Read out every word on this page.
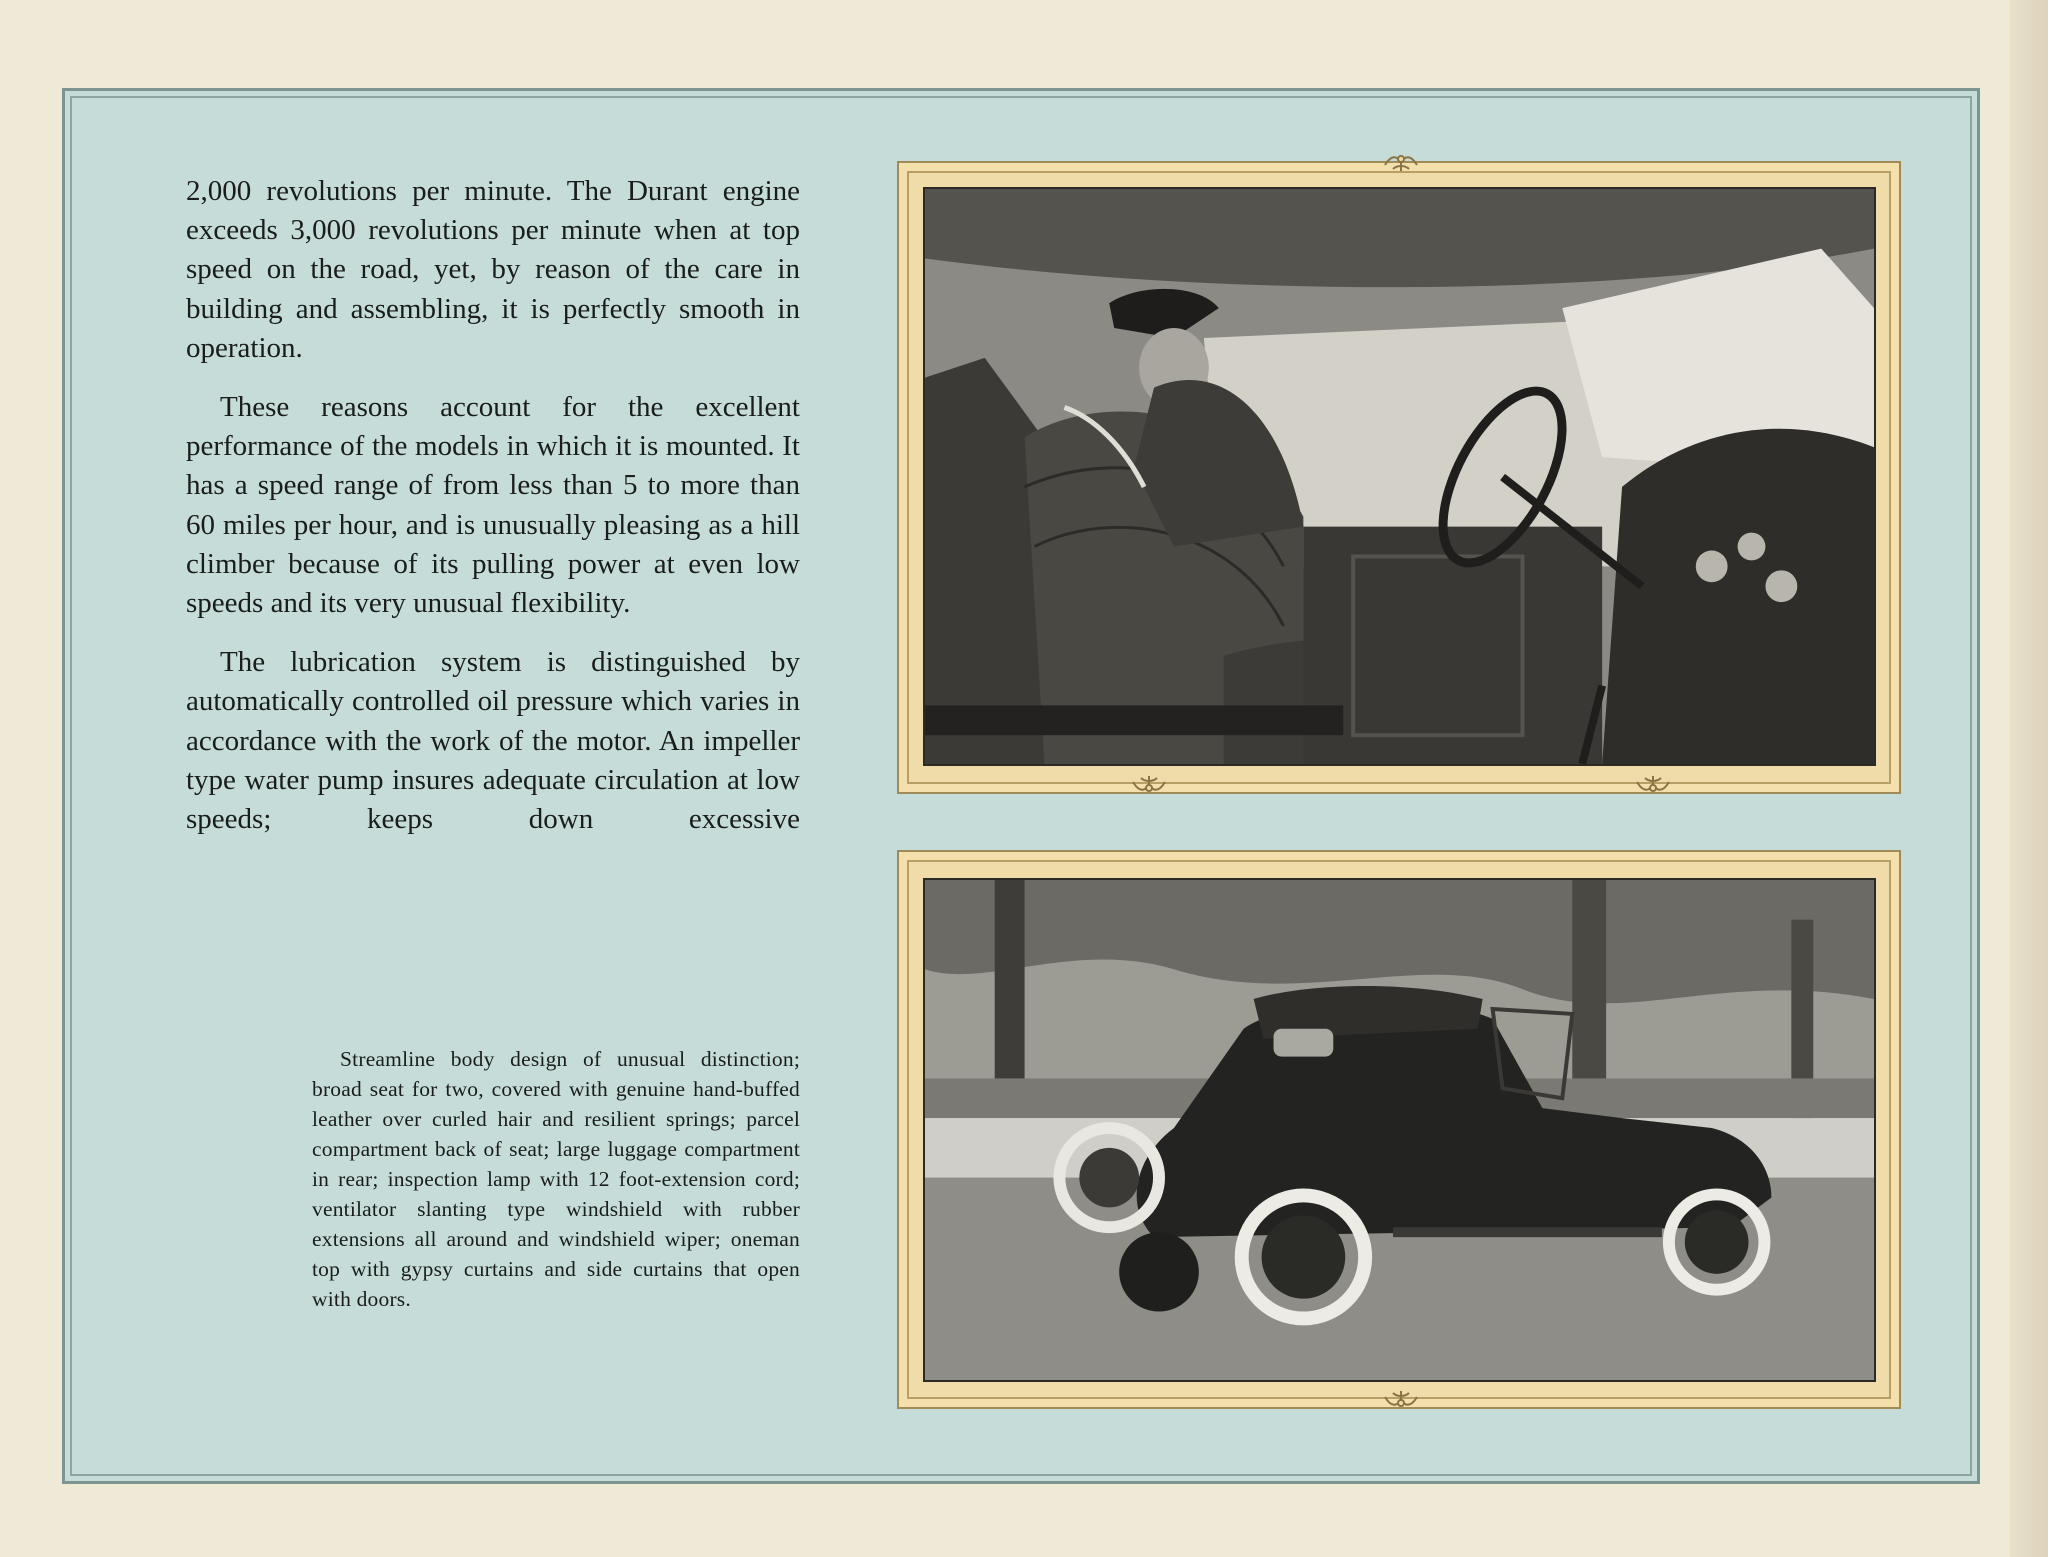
2,000 revolutions per minute. The Durant engine exceeds 3,000 revolutions per minute when at top speed on the road, yet, by reason of the care in building and assembling, it is perfectly smooth in operation.

These reasons account for the excellent performance of the models in which it is mounted. It has a speed range of from less than 5 to more than 60 miles per hour, and is unusually pleasing as a hill climber because of its pulling power at even low speeds and its very unusual flexibility.

The lubrication system is distinguished by automatically controlled oil pressure which varies in accordance with the work of the motor. An impeller type water pump insures adequate circulation at low speeds; keeps down excessive

Streamline body design of unusual distinction; broad seat for two, covered with genuine hand-buffed leather over curled hair and resilient springs; parcel compartment back of seat; large luggage compartment in rear; inspection lamp with 12 foot-extension cord; ventilator slanting type windshield with rubber extensions all around and windshield wiper; oneman top with gypsy curtains and side curtains that open with doors.
